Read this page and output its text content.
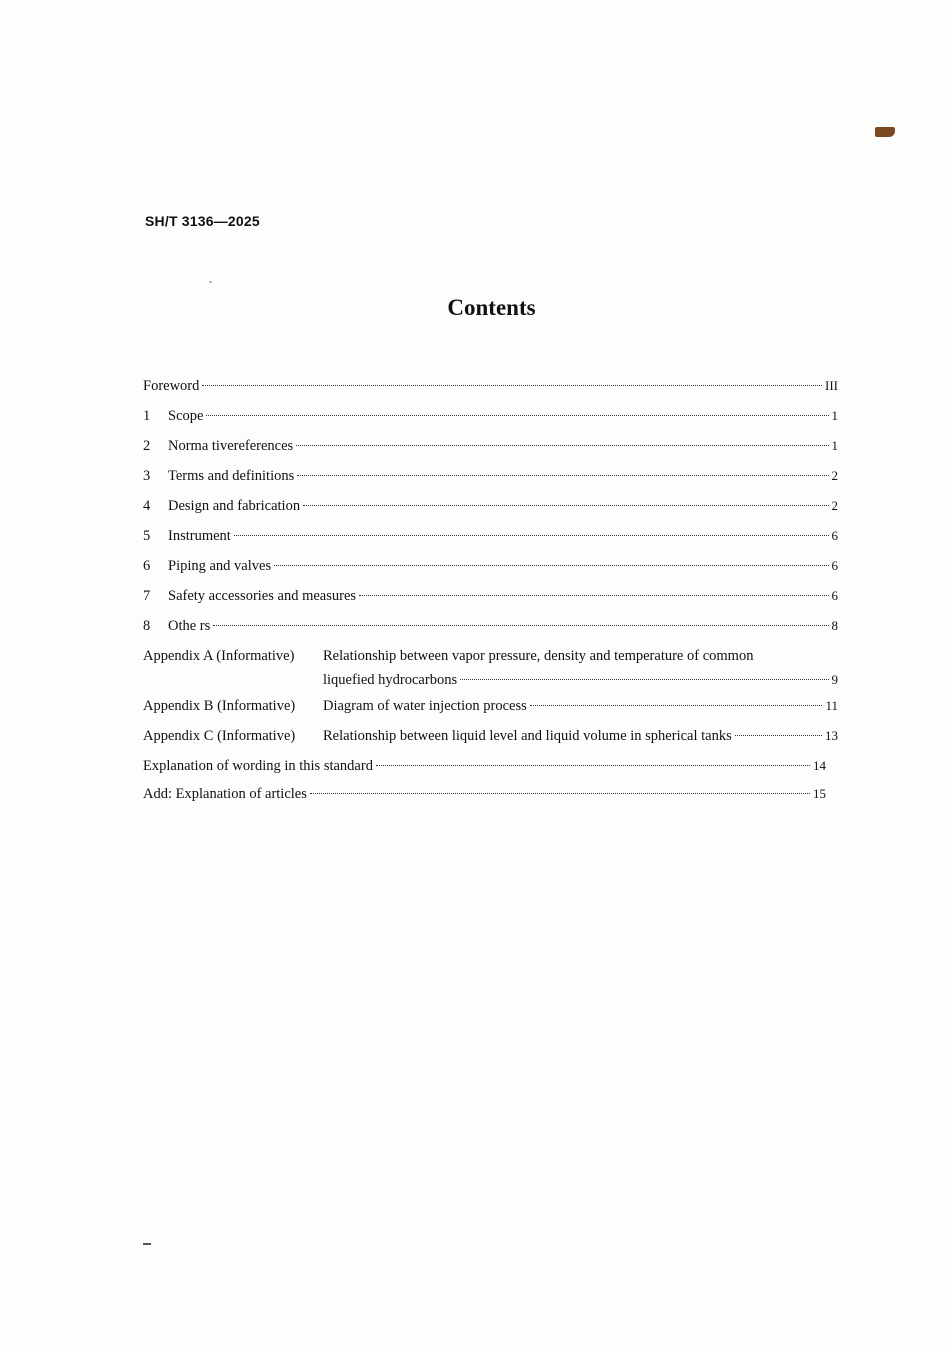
SH/T 3136—2025
Contents
Foreword	III
1	Scope	1
2	Norma tivereferences	1
3	Terms and definitions	2
4	Design and fabrication	2
5	Instrument	6
6	Piping and valves	6
7	Safety accessories and measures	6
8	Othe rs	8
Appendix A (Informative)	Relationship between vapor pressure, density and temperature of common
liquefied hydrocarbons	9
Appendix B (Informative)	Diagram of water injection process	11
Appendix C (Informative)	Relationship between liquid level and liquid volume in spherical tanks	13
Explanation of wording in this standard	14
Add: Explanation of articles	15
